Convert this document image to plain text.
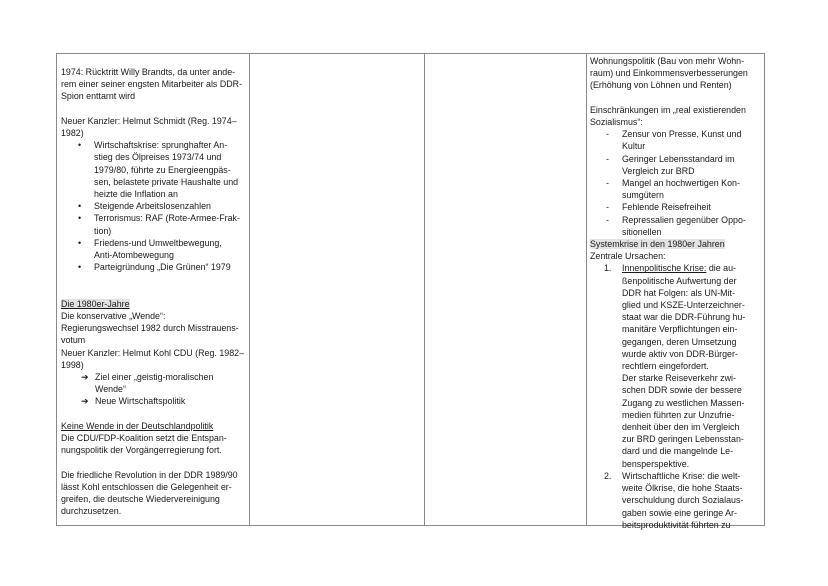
1974: Rücktritt Willy Brandts, da unter ande-

rem einer seiner engsten Mitarbeiter als DDR-

Spion enttarnt wird

Neuer Kanzler: Helmut Schmidt (Reg. 1974–

1982)

• Wirtschaftskrise: sprunghafter An-

stieg des Ölpreises 1973/74 und

1979/80, führte zu Energieengpäs-

sen, belastete private Haushalte und

heizte die Inflation an

• Steigende Arbeitslosenzahlen

• Terrorismus: RAF (Rote-Armee-Frak-

tion)

• Friedens-und Umweltbewegung,

Anti-Atombewegung

• Parteigründung „Die Grünen“ 1979

Die 1980er-Jahre

Die konservative „Wende“:

Regierungswechsel 1982 durch Misstrauens-

votum

Neuer Kanzler: Helmut Kohl CDU (Reg. 1982–

1998)

➔ Ziel einer „geistig-moralischen

Wende“

➔ Neue Wirtschaftspolitik

Keine Wende in der Deutschlandpolitik

Die CDU/FDP-Koalition setzt die Entspan-

nungspolitik der Vorgängerregierung fort.

Die friedliche Revolution in der DDR 1989/90

lässt Kohl entschlossen die Gelegenheit er-

greifen, die deutsche Wiedervereinigung

durchzusetzen.

Wohnungspolitik (Bau von mehr Wohn-

raum) und Einkommensverbesserungen

(Erhöhung von Löhnen und Renten)

Einschränkungen im „real existierenden

Sozialismus“:

- Zensur von Presse, Kunst und

Kultur

- Geringer Lebensstandard im

Vergleich zur BRD

- Mangel an hochwertigen Kon-

sumgütern

- Fehlende Reisefreiheit

- Repressalien gegenüber Oppo-

sitionellen

Systemkrise in den 1980er Jahren

Zentrale Ursachen:

1. Innenpolitische Krise: die au-

ßenpolitische Aufwertung der

DDR hat Folgen: als UN-Mit-

glied und KSZE-Unterzeichner-

staat war die DDR-Führung hu-

manitäre Verpflichtungen ein-

gegangen, deren Umsetzung

wurde aktiv von DDR-Bürger-

rechtlern eingefordert.

Der starke Reiseverkehr zwi-

schen DDR sowie der bessere

Zugang zu westlichen Massen-

medien führten zur Unzufrie-

denheit über den im Vergleich

zur BRD geringen Lebensstan-

dard und die mangelnde Le-

bensperspektive.

2. Wirtschaftliche Krise: die welt-

weite Ölkrise, die hohe Staats-

verschuldung durch Sozialaus-

gaben sowie eine geringe Ar-

beitsproduktivität führten zu
